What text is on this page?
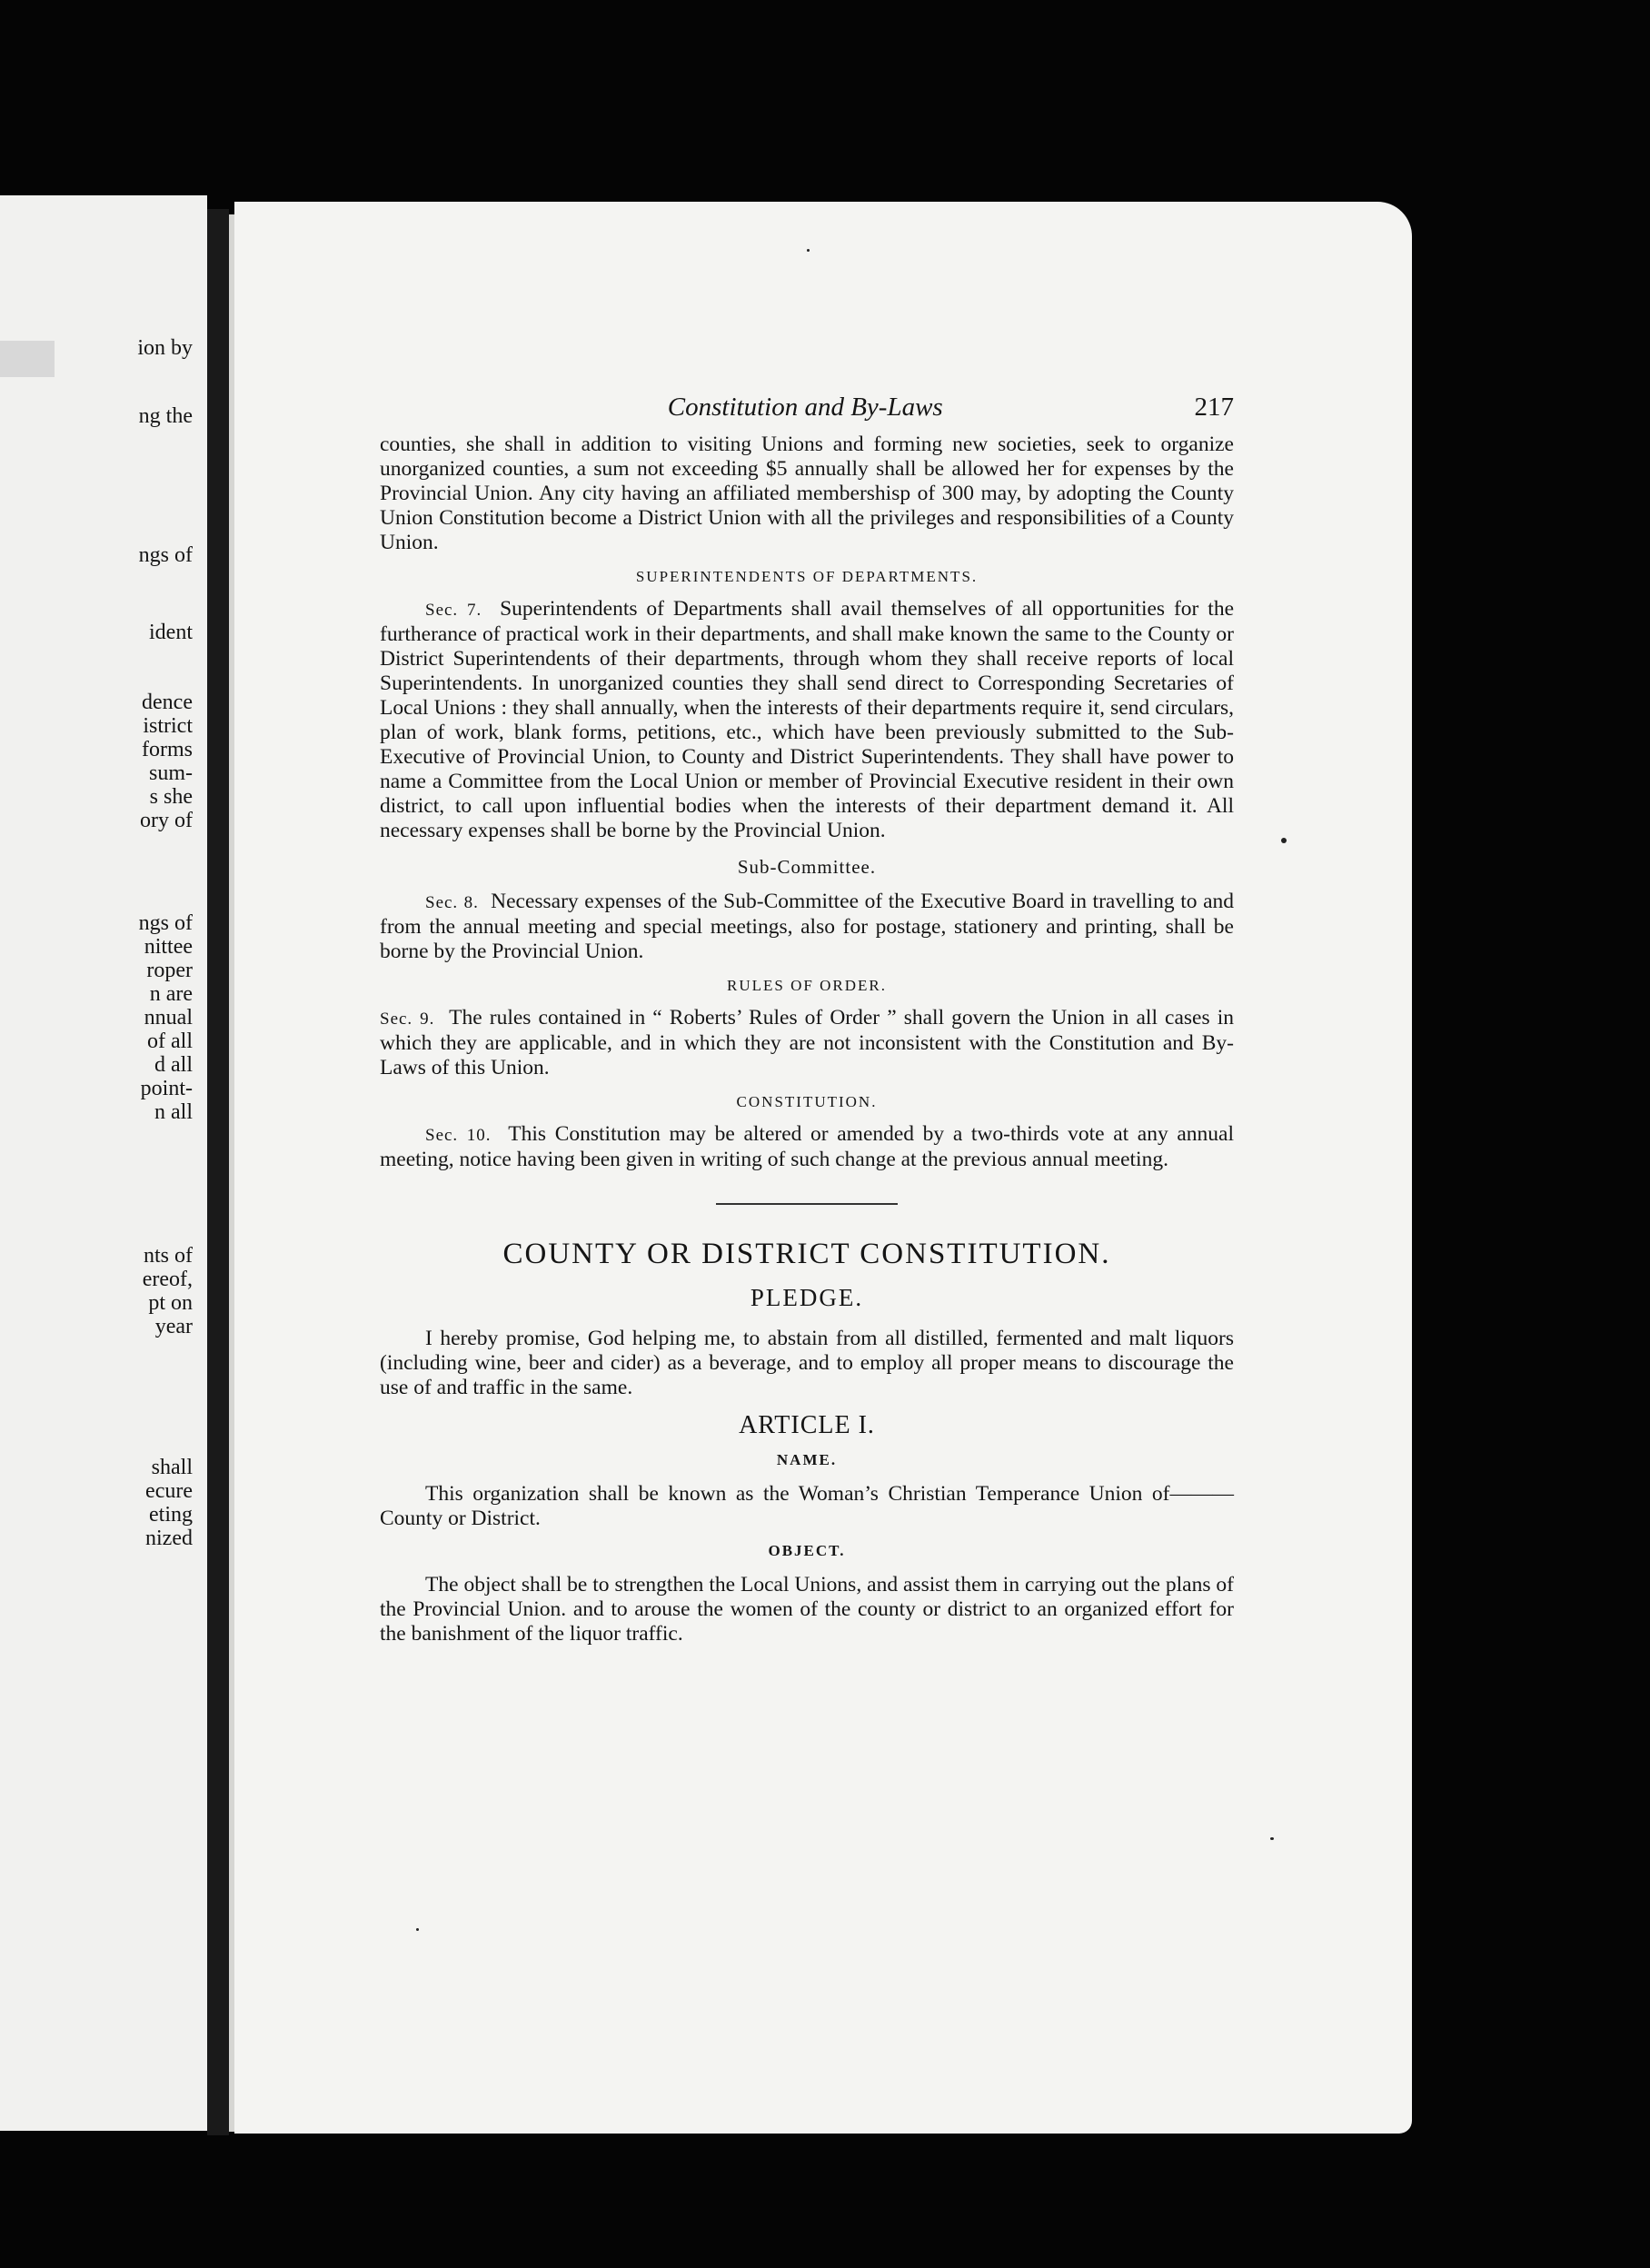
ion by
ng the
ngs of
ident
dence
istrict
forms
sum-
s she
ory of
ngs of
nittee
roper
n are
nnual
of all
d all
point-
n all
nts of
ereof,
pt on
year
shall
ecure
eting
nized
Constitution and By-Laws	217

counties, she shall in addition to visiting Unions and forming new societies, seek to organize unorganized counties, a sum not exceeding $5 annually shall be allowed her for expenses by the Provincial Union. Any city having an affiliated membershisp of 300 may, by adopting the County Union Constitution become a District Union with all the privileges and responsibilities of a County Union.

SUPERINTENDENTS OF DEPARTMENTS.

Sec. 7. Superintendents of Departments shall avail themselves of all opportunities for the furtherance of practical work in their departments, and shall make known the same to the County or District Superintendents of their departments, through whom they shall receive reports of local Superintendents. In unorganized counties they shall send direct to Corresponding Secretaries of Local Unions : they shall annually, when the interests of their departments require it, send circulars, plan of work, blank forms, petitions, etc., which have been previously submitted to the Sub-Executive of Provincial Union, to County and District Superintendents. They shall have power to name a Committee from the Local Union or member of Provincial Executive resident in their own district, to call upon influential bodies when the interests of their department demand it. All necessary expenses shall be borne by the Provincial Union.

Sub-Committee.

Sec. 8. Necessary expenses of the Sub-Committee of the Executive Board in travelling to and from the annual meeting and special meetings, also for postage, stationery and printing, shall be borne by the Provincial Union.

RULES OF ORDER.

Sec. 9. The rules contained in “ Roberts’ Rules of Order ” shall govern the Union in all cases in which they are applicable, and in which they are not inconsistent with the Constitution and By-Laws of this Union.

CONSTITUTION.

Sec. 10. This Constitution may be altered or amended by a two-thirds vote at any annual meeting, notice having been given in writing of such change at the previous annual meeting.

COUNTY OR DISTRICT CONSTITUTION.
PLEDGE.

I hereby promise, God helping me, to abstain from all distilled, fermented and malt liquors (including wine, beer and cider) as a beverage, and to employ all proper means to discourage the use of and traffic in the same.

ARTICLE I.
NAME.

This organization shall be known as the Woman’s Christian Temperance Union of———County or District.

OBJECT.

The object shall be to strengthen the Local Unions, and assist them in carrying out the plans of the Provincial Union. and to arouse the women of the county or district to an organized effort for the banishment of the liquor traffic.
